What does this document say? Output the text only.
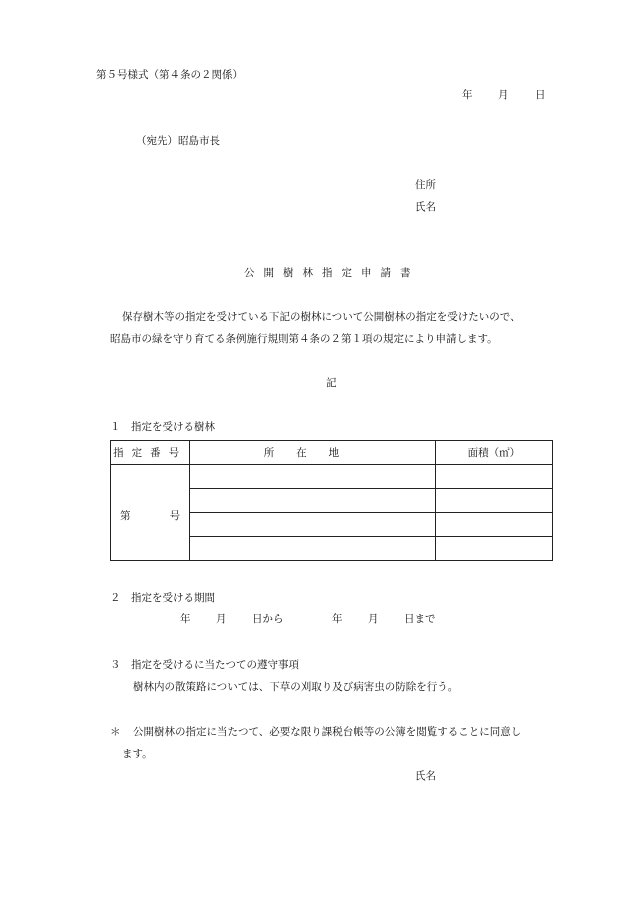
第５号様式（第４条の２関係）
年 月	日
（宛先）昭島市長
住所
氏名
公開樹林指定申請書
保存樹木等の指定を受けている下記の樹林について公開樹林の指定を受けたいので、
昭島市の緑を守り育てる条例施行規則第４条の２第１項の規定により申請します。
記
１　指定を受ける樹林
指定番号	所在地	面積（㎡）

第 号		

２　指定を受ける期間
年 月 日から	年 月 日まで
３　指定を受けるに当たつての遵守事項
樹林内の散策路については、下草の刈取り及び病害虫の防除を行う。
＊ 公開樹林の指定に当たつて、必要な限り課税台帳等の公簿を閲覧することに同意し
ます。
氏名
